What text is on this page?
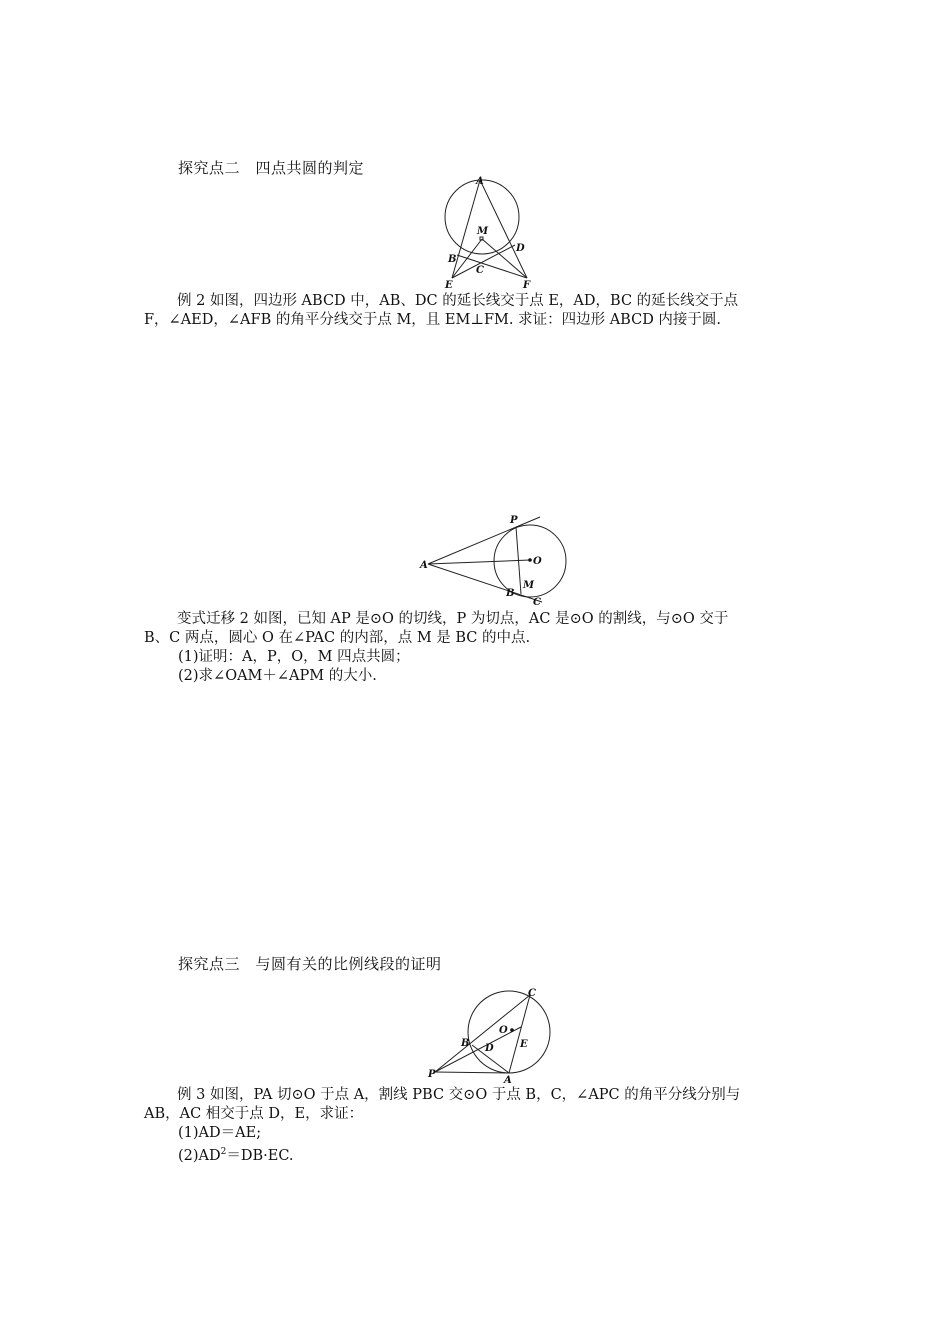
探究点二　四点共圆的判定
A
M
D
B
C
E	F
例 2 如图，四边形 ABCD 中，AB、DC 的延长线交于点 E，AD，BC 的延长线交于点
F，∠AED，∠AFB 的角平分线交于点 M，且 EM⊥FM. 求证：四边形 ABCD 内接于圆.
P
O
A
M
B
C
变式迁移 2 如图，已知 AP 是⊙O 的切线，P 为切点，AC 是⊙O 的割线，与⊙O 交于
B、C 两点，圆心 O 在∠PAC 的内部，点 M 是 BC 的中点.
(1)证明：A，P，O，M 四点共圆；
(2)求∠OAM＋∠APM 的大小.
探究点三　与圆有关的比例线段的证明
C
O
B D	E
P
A
例 3 如图，PA 切⊙O 于点 A，割线 PBC 交⊙O 于点 B，C，∠APC 的角平分线分别与
AB，AC 相交于点 D，E，求证：
(1)AD＝AE;
$(2)AD^2=DB\cdot EC$.
